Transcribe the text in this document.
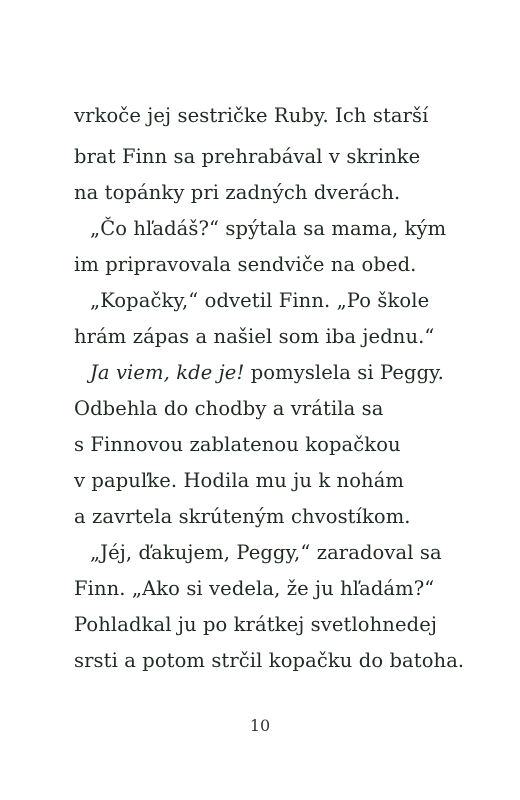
vrkoče jej sestričke Ruby. Ich starší
brat Finn sa prehrabával v skrinke
na topánky pri zadných dverách.
„Čo hľadáš?“ spýtala sa mama, kým
im pripravovala sendviče na obed.
„Kopačky,“ odvetil Finn. „Po škole
hrám zápas a našiel som iba jednu.“
Ja viem, kde je! pomyslela si Peggy.
Odbehla do chodby a vrátila sa
s Finnovou zablatenou kopačkou
v papuľke. Hodila mu ju k nohám
a zavrtela skrúteným chvostíkom.
„Jéj, ďakujem, Peggy,“ zaradoval sa
Finn. „Ako si vedela, že ju hľadám?“
Pohladkal ju po krátkej svetlohnedej
srsti a potom strčil kopačku do batoha.
10
